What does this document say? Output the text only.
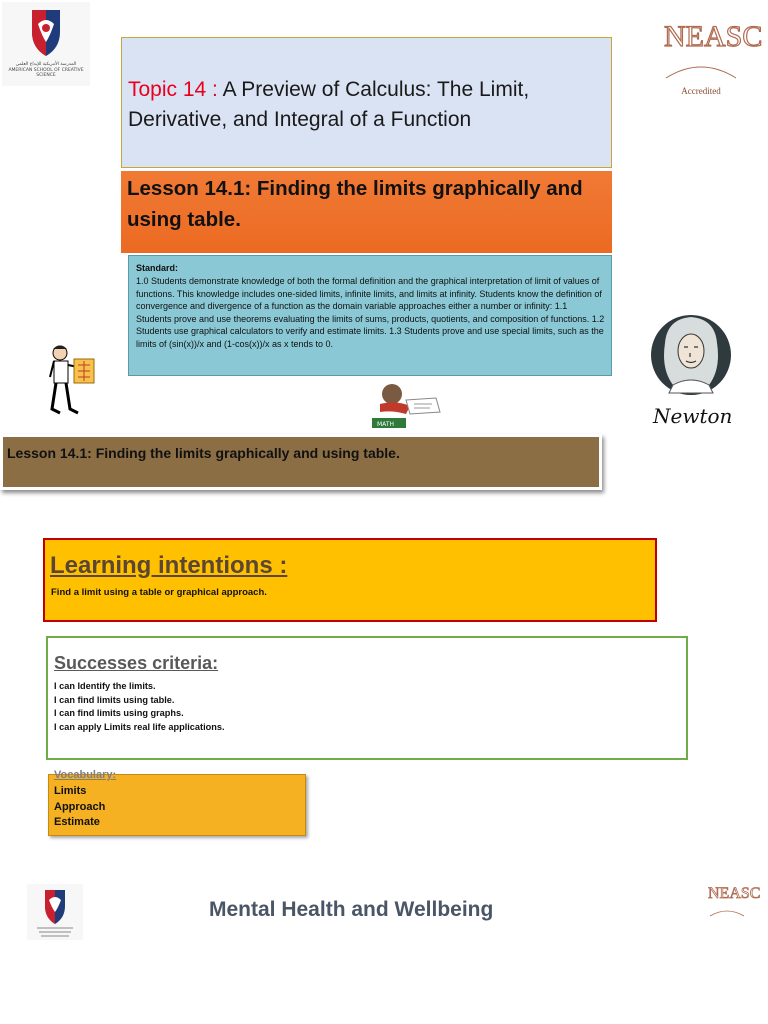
المدرسة الأمريكية للإبداع العلمي
AMERICAN SCHOOL OF CREATIVE SCIENCE
NEASC
Accredited
Topic 14 : A Preview of Calculus: The Limit, Derivative, and Integral of a Function
Lesson 14.1: Finding the limits graphically and using table.
Standard:
1.0 Students demonstrate knowledge of both the formal definition and the graphical interpretation of limit of values of functions. This knowledge includes one-sided limits, infinite limits, and limits at infinity. Students know the definition of convergence and divergence of a function as the domain variable approaches either a number or infinity: 1.1 Students prove and use theorems evaluating the limits of sums, products, quotients, and composition of functions. 1.2 Students use graphical calculators to verify and estimate limits. 1.3 Students prove and use special limits, such as the limits of (sin(x))/x and (1-cos(x))/x as x tends to 0.
MATH	Newton
Lesson 14.1: Finding the limits graphically and using table.
Learning intentions :
Find a limit using a table or graphical approach.
Successes criteria:
I can Identify the limits.
I can find limits using table.
I can find limits using graphs.
I can apply Limits real life applications.
Vocabulary:
Limits
Approach
Estimate
Mental Health and Wellbeing
NEASC
